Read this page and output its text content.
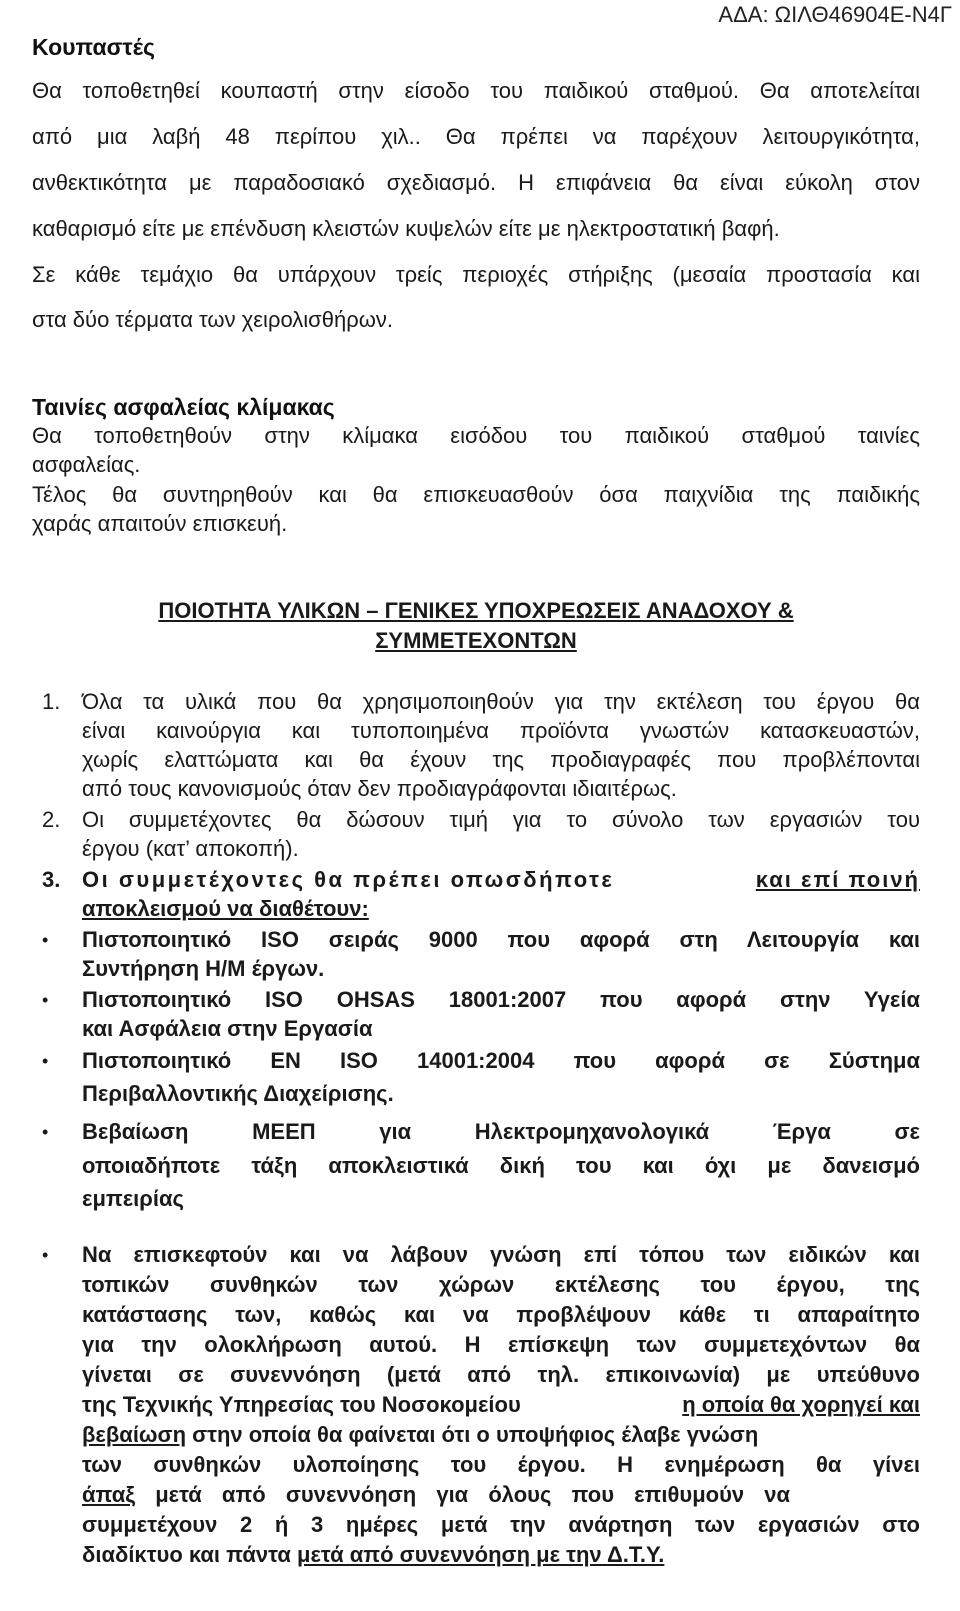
ΑΔΑ: ΩΙΛΘ46904Ε-Ν4Γ
Κουπαστές
Θα τοποθετηθεί κουπαστή στην είσοδο του παιδικού σταθμού. Θα αποτελείται
από μια λαβή 48 περίπου χιλ.. Θα πρέπει να παρέχουν λειτουργικότητα,
ανθεκτικότητα με παραδοσιακό σχεδιασμό. Η επιφάνεια θα είναι εύκολη στον
καθαρισμό είτε με επένδυση κλειστών κυψελών είτε με ηλεκτροστατική βαφή.
Σε κάθε τεμάχιο θα υπάρχουν τρείς περιοχές στήριξης (μεσαία προστασία και
στα δύο τέρματα των χειρολισθήρων.
Ταινίες ασφαλείας κλίμακας
Θα τοποθετηθούν στην κλίμακα εισόδου του παιδικού σταθμού ταινίες
ασφαλείας.
Τέλος θα συντηρηθούν και θα επισκευασθούν όσα παιχνίδια της παιδικής
χαράς απαιτούν επισκευή.
ΠΟΙΟΤΗΤΑ ΥΛΙΚΩΝ – ΓΕΝΙΚΕΣ ΥΠΟΧΡΕΩΣΕΙΣ ΑΝΑΔΟΧΟΥ &
ΣΥΜΜΕΤΕΧΟΝΤΩΝ
1. Όλα τα υλικά που θα χρησιμοποιηθούν για την εκτέλεση του έργου θα
είναι καινούργια και τυποποιημένα προϊόντα γνωστών κατασκευαστών,
χωρίς ελαττώματα και θα έχουν της προδιαγραφές που προβλέπονται
από τους κανονισμούς όταν δεν προδιαγράφονται ιδιαιτέρως.
2. Οι συμμετέχοντες θα δώσουν τιμή για το σύνολο των εργασιών του
έργου (κατ’ αποκοπή).
3. Οι συμμετέχοντες θα πρέπει οπωσδήποτε	και επί ποινή
αποκλεισμού να διαθέτουν:
• Πιστοποιητικό ISO σειράς 9000 που αφορά στη Λειτουργία και
Συντήρηση Η/Μ έργων.
• Πιστοποιητικό ISO OHSAS 18001:2007 που αφορά στην Υγεία
και Ασφάλεια στην Εργασία
• Πιστοποιητικό ΕΝ ISO 14001:2004 που αφορά σε Σύστημα
Περιβαλλοντικής Διαχείρισης.
• Βεβαίωση ΜΕΕΠ για Ηλεκτρομηχανολογικά Έργα σε
οποιαδήποτε τάξη αποκλειστικά δική του και όχι με δανεισμό
εμπειρίας
• Να επισκεφτούν και να λάβουν γνώση επί τόπου των ειδικών και
τοπικών συνθηκών των χώρων εκτέλεσης του έργου, της
κατάστασης των, καθώς και να προβλέψουν κάθε τι απαραίτητο
για την ολοκλήρωση αυτού. Η επίσκεψη των συμμετεχόντων θα
γίνεται σε συνεννόηση (μετά από τηλ. επικοινωνία) με υπεύθυνο
της Τεχνικής Υπηρεσίας του Νοσοκομείου	η οποία θα χορηγεί και
βεβαίωση στην οποία θα φαίνεται ότι ο υποψήφιος έλαβε γνώση
των συνθηκών υλοποίησης του έργου. Η ενημέρωση θα γίνει
άπαξ μετά από συνεννόηση για όλους που επιθυμούν να
συμμετέχουν 2 ή 3 ημέρες μετά την ανάρτηση των εργασιών στο
διαδίκτυο και πάντα μετά από συνεννόηση με την Δ.Τ.Υ.
